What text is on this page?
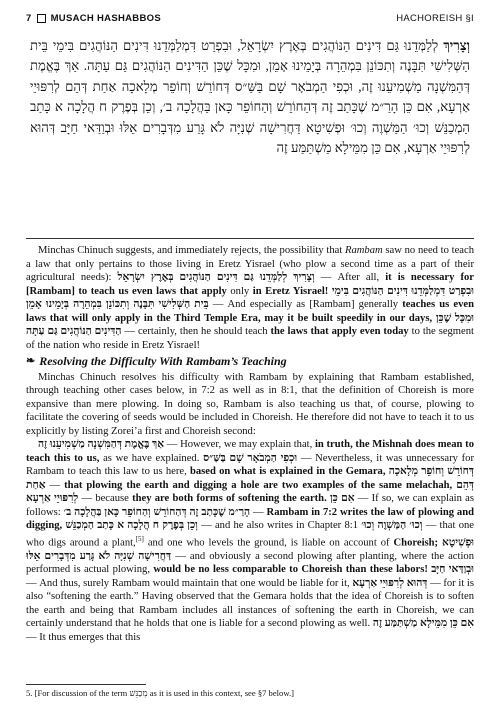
7 MUSACH HASHABBOS	HACHOREISH §I
וְצָרִיךְ לְלַמְּדֵנוּ גַּם דִּינִים הַנּוֹהֲגִים בְּאֶרֶץ יִשְׂרָאֵל, וּבִפְרַט דִּמְלַמְּדֵנוּ דִּינִים הַנּוֹהֲגִים בִּימֵי בֵּית הַשְּׁלִישִׁי תִּבָּנֶה וְתִכּוֹנֵן בִּמְהֵרָה בְּיָמֵינוּ אָמֵן, וּמִכָּל שֶׁכֵּן הַדִּינִים הַנּוֹהֲגִים גַּם עַתָּה. אַךְ בֶּאֱמֶת דְּהַמִּשְׁנָה מַשְׁמִיעֵנוּ זֶה, וּכְפִי הַמְבֹאָר שָׁם בַּשַּׁ״ס דְּחוֹרֵשׁ וְחוֹפֵר מְלָאכָה אַחַת דְּהֵם לְרִפּוּיֵי אַרְעָא, אִם כֵּן הָרַ״מ שֶׁכָּתַב זֶה דְּהַחוֹרֵשׁ וְהַחוֹפֵר כָּאן בַּהֲלָכָה ב׳, וְכֵן בְּפֶרֶק ח הֲלָכָה א כָּתַב הַמְכַנֵּשׁ וְכוּ׳ הַמַּשְׁוֶה וְכוּ׳ וּפְשִׁיטָא דַּחֲרִישָׁה שְׁנִיָּה לֹא גָּרַע מִדְּבָרִים אֵלּוּ וּבְוַדַּאי חַיָּב דְּהוּא לְרִפּוּיֵי אַרְעָא, אִם כֵּן מִמֵּילָא מַשְׁתַּמַּע זֶה

Minchas Chinuch suggests, and immediately rejects, the possibility that Rambam saw no need to teach a law that only pertains to those living in Eretz Yisrael (who plow a second time as a part of their agricultural needs): וְצָרִיךְ לְלַמְּדֵנוּ גַּם דִּינִים הַנּוֹהֲגִים בְּאֶרֶץ יִשְׂרָאֵל — After all, it is necessary for [Rambam] to teach us even laws that apply only in Eretz Yisrael! וּבִפְרַט דִּמְלַמְּדֵנוּ דִּינִים הַנּוֹהֲגִים בִּימֵי בֵּית הַשְּׁלִישִׁי תִּבָּנֶה וְתִכּוֹנֵן בִּמְהֵרָה בְּיָמֵינוּ אָמֵן — And especially as [Rambam] generally teaches us even laws that will only apply in the Third Temple Era, may it be built speedily in our days, וּמִכָּל שֶׁכֵּן הַדִּינִים הַנּוֹהֲגִים גַּם עַתָּה — certainly, then he should teach the laws that apply even today to the segment of the nation who reside in Eretz Yisrael!

❧ Resolving the Difficulty With Rambam’s Teaching

Minchas Chinuch resolves his difficulty with Rambam by explaining that Rambam established, through teaching other cases below, in 7:2 as well as in 8:1, that the definition of Choreish is more expansive than mere plowing. In doing so, Rambam is also teaching us that, of course, plowing to facilitate the covering of seeds would be included in Choreish. He therefore did not have to teach it to us explicitly by listing Zorei’a first and Choreish second:

אַךְ בֶּאֱמֶת דְּהַמִּשְׁנָה מַשְׁמִיעֵנוּ זֶה — However, we may explain that, in truth, the Mishnah does mean to teach this to us, as we have explained. וּכְפִי הַמְבֹאָר שָׁם בַּשַּׁ״ס — Nevertheless, it was unnecessary for Rambam to teach this law to us here, based on what is explained in the Gemara, דְּחוֹרֵשׁ וְחוֹפֵר מְלָאכָה אַחַת — that plowing the earth and digging a hole are two examples of the same melachah, דְּהֵם לְרִפּוּיֵי אַרְעָא — because they are both forms of softening the earth. אִם כֵּן — If so, we can explain as follows: הָרַ״מ שֶׁכָּתַב זֶה דְּהַחוֹרֵשׁ וְהַחוֹפֵר כָּאן בַּהֲלָכָה ב׳ — Rambam in 7:2 writes the law of plowing and digging, וְכֵן בְּפֶרֶק ח הֲלָכָה א כָּתַב הַמְכַנֵּשׁ — and he also writes in Chapter 8:1 וְכוּ׳ הַמַּשְׁוֶה וְכוּ׳ — that one who digs around a plant,[5] and one who levels the ground, is liable on account of Choreish; וּפְשִׁיטָא דַּחֲרִישָׁה שְׁנִיָּה לֹא גָּרַע מִדְּבָרִים אֵלּוּ — and obviously a second plowing after planting, where the action performed is actual plowing, would be no less comparable to Choreish than these labors! וּבְוַדַּאי חַיָּב — And thus, surely Rambam would maintain that one would be liable for it, דְּהוּא לְרִפּוּיֵי אַרְעָא — for it is also “softening the earth.” Having observed that the Gemara holds that the idea of Choreish is to soften the earth and being that Rambam includes all instances of softening the earth in Choreish, we can certainly understand that he holds that one is liable for a second plowing as well. אִם כֵּן מִמֵּילָא מַשְׁתַּמַּע זֶה — It thus emerges that this

5. [For discussion of the term מְכַנֵּשׁ as it is used in this context, see §7 below.]
